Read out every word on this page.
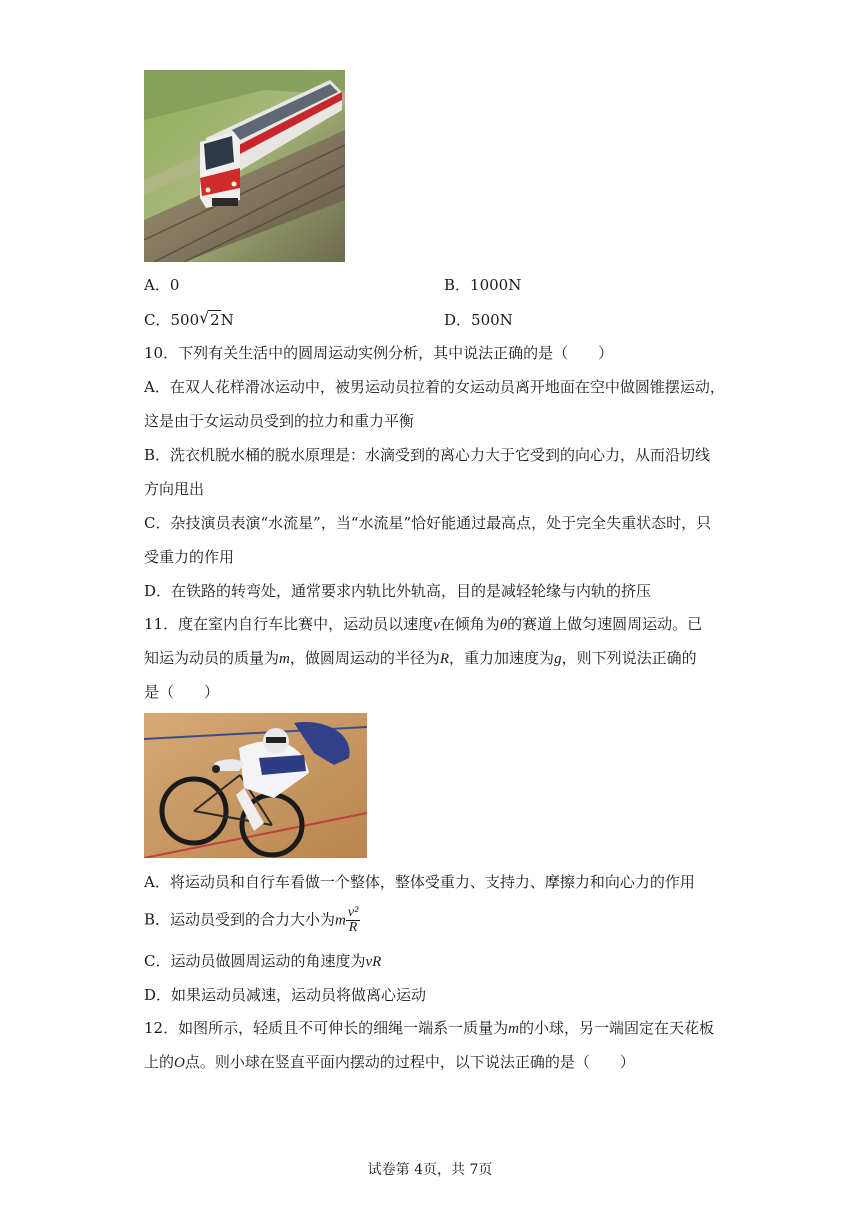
A．0	B．1000N
C．500 √ 2N	D．500N
10．下列有关生活中的圆周运动实例分析，其中说法正确的是（　　）
A．在双人花样滑冰运动中，被男运动员拉着的女运动员离开地面在空中做圆锥摆运动，
这是由于女运动员受到的拉力和重力平衡
B．洗衣机脱水桶的脱水原理是：水滴受到的离心力大于它受到的向心力，从而沿切线
方向甩出
C．杂技演员表演“水流星”，当“水流星”恰好能通过最高点，处于完全失重状态时，只
受重力的作用
D．在铁路的转弯处，通常要求内轨比外轨高，目的是减轻轮缘与内轨的挤压
11．度在室内自行车比赛中，运动员以速度v在倾角为θ的赛道上做匀速圆周运动。已
知运为动员的质量为m，做圆周运动的半径为R，重力加速度为g，则下列说法正确的
是（　　）
A．将运动员和自行车看做一个整体，整体受重力、支持力、摩擦力和向心力的作用
B．运动员受到的合力大小为m $\frac{\text{v²}}{R}$
C．运动员做圆周运动的角速度为vR
D．如果运动员减速，运动员将做离心运动
12．如图所示，轻质且不可伸长的细绳一端系一质量为m的小球，另一端固定在天花板
上的O点。则小球在竖直平面内摆动的过程中，以下说法正确的是（　　）
试卷第 4页，共 7页
